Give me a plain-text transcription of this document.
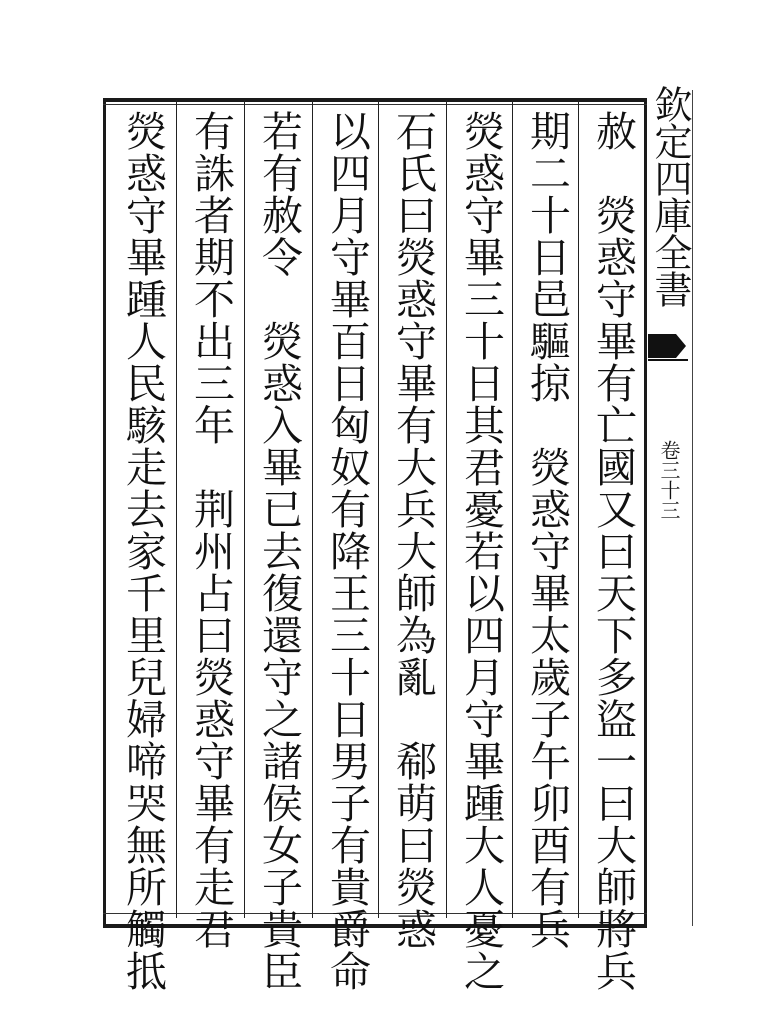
赦　熒惑守畢有亡國又曰天下多盜一曰大師將兵
期二十日邑驅掠　熒惑守畢太歲子午卯酉有兵
熒惑守畢三十日其君憂若以四月守畢踵大人憂之
石氏曰熒惑守畢有大兵大師為亂　郗萌曰熒惑
以四月守畢百日匈奴有降王三十日男子有貴爵命
若有赦令　熒惑入畢已去復還守之諸侯女子貴臣
有誅者期不出三年　荆州占曰熒惑守畢有走君
熒惑守畢踵人民駭走去家千里兒婦啼哭無所觸抵	欽定四庫全書
卷三十三
